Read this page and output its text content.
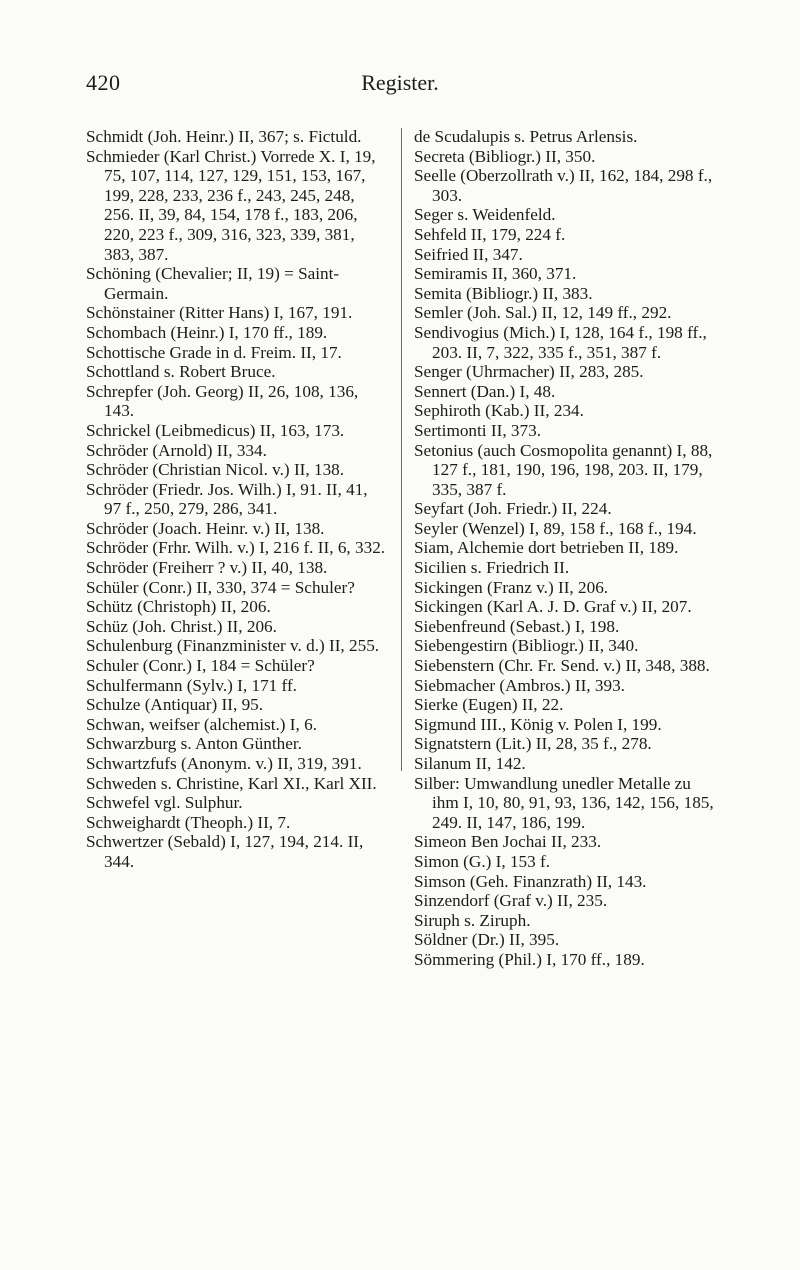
420	Register.

Schmidt (Joh. Heinr.) II, 367; s. Fictuld.

Schmieder (Karl Christ.) Vorrede X. I, 19, 75, 107, 114, 127, 129, 151, 153, 167, 199, 228, 233, 236 f., 243, 245, 248, 256. II, 39, 84, 154, 178 f., 183, 206, 220, 223 f., 309, 316, 323, 339, 381, 383, 387.

Schöning (Chevalier; II, 19) = Saint-Germain.

Schönstainer (Ritter Hans) I, 167, 191.

Schombach (Heinr.) I, 170 ff., 189.

Schottische Grade in d. Freim. II, 17.

Schottland s. Robert Bruce.

Schrepfer (Joh. Georg) II, 26, 108, 136, 143.

Schrickel (Leibmedicus) II, 163, 173.

Schröder (Arnold) II, 334.

Schröder (Christian Nicol. v.) II, 138.

Schröder (Friedr. Jos. Wilh.) I, 91. II, 41, 97 f., 250, 279, 286, 341.

Schröder (Joach. Heinr. v.) II, 138.

Schröder (Frhr. Wilh. v.) I, 216 f. II, 6, 332.

Schröder (Freiherr ? v.) II, 40, 138.

Schüler (Conr.) II, 330, 374 = Schuler?

Schütz (Christoph) II, 206.

Schüz (Joh. Christ.) II, 206.

Schulenburg (Finanzminister v. d.) II, 255.

Schuler (Conr.) I, 184 = Schüler?

Schulfermann (Sylv.) I, 171 ff.

Schulze (Antiquar) II, 95.

Schwan, weifser (alchemist.) I, 6.

Schwarzburg s. Anton Günther.

Schwartzfufs (Anonym. v.) II, 319, 391.

Schweden s. Christine, Karl XI., Karl XII.

Schwefel vgl. Sulphur.

Schweighardt (Theoph.) II, 7.

Schwertzer (Sebald) I, 127, 194, 214. II, 344.

de Scudalupis s. Petrus Arlensis.

Secreta (Bibliogr.) II, 350.

Seelle (Oberzollrath v.) II, 162, 184, 298 f., 303.

Seger s. Weidenfeld.

Sehfeld II, 179, 224 f.

Seifried II, 347.

Semiramis II, 360, 371.

Semita (Bibliogr.) II, 383.

Semler (Joh. Sal.) II, 12, 149 ff., 292.

Sendivogius (Mich.) I, 128, 164 f., 198 ff., 203. II, 7, 322, 335 f., 351, 387 f.

Senger (Uhrmacher) II, 283, 285.

Sennert (Dan.) I, 48.

Sephiroth (Kab.) II, 234.

Sertimonti II, 373.

Setonius (auch Cosmopolita genannt) I, 88, 127 f., 181, 190, 196, 198, 203. II, 179, 335, 387 f.

Seyfart (Joh. Friedr.) II, 224.

Seyler (Wenzel) I, 89, 158 f., 168 f., 194.

Siam, Alchemie dort betrieben II, 189.

Sicilien s. Friedrich II.

Sickingen (Franz v.) II, 206.

Sickingen (Karl A. J. D. Graf v.) II, 207.

Siebenfreund (Sebast.) I, 198.

Siebengestirn (Bibliogr.) II, 340.

Siebenstern (Chr. Fr. Send. v.) II, 348, 388.

Siebmacher (Ambros.) II, 393.

Sierke (Eugen) II, 22.

Sigmund III., König v. Polen I, 199.

Signatstern (Lit.) II, 28, 35 f., 278.

Silanum II, 142.

Silber: Umwandlung unedler Metalle zu ihm I, 10, 80, 91, 93, 136, 142, 156, 185, 249. II, 147, 186, 199.

Simeon Ben Jochai II, 233.

Simon (G.) I, 153 f.

Simson (Geh. Finanzrath) II, 143.

Sinzendorf (Graf v.) II, 235.

Siruph s. Ziruph.

Söldner (Dr.) II, 395.

Sömmering (Phil.) I, 170 ff., 189.
